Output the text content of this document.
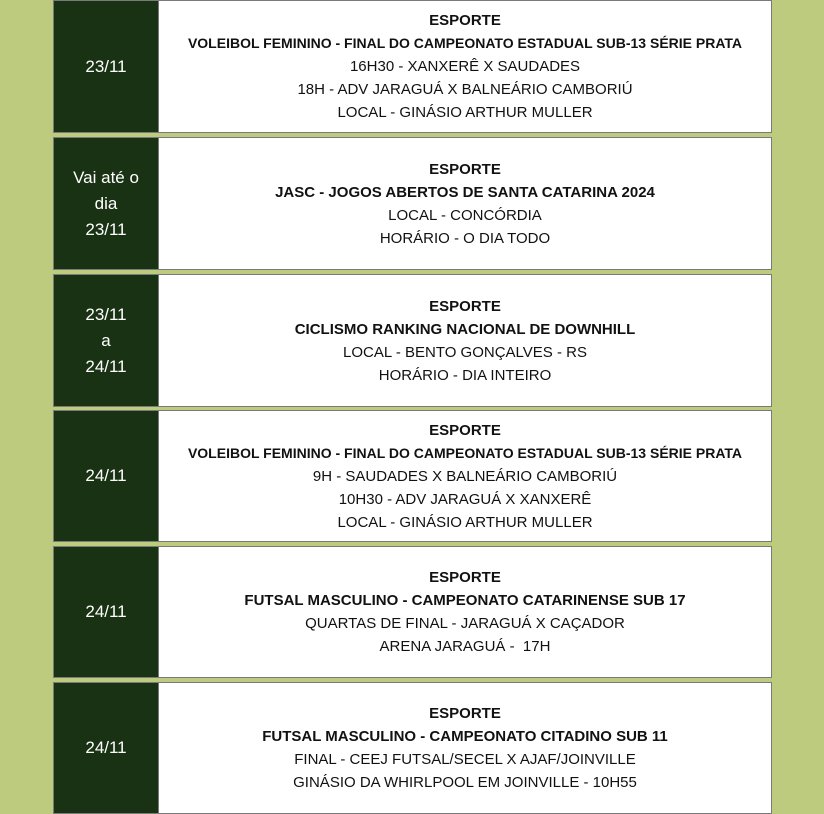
23/11
ESPORTE
VOLEIBOL FEMININO - FINAL DO CAMPEONATO ESTADUAL SUB-13 SÉRIE PRATA
16H30 - XANXERÊ X SAUDADES
18H - ADV JARAGUÁ X BALNEÁRIO CAMBORIÚ
LOCAL - GINÁSIO ARTHUR MULLER
Vai até o
dia
23/11
ESPORTE
JASC - JOGOS ABERTOS DE SANTA CATARINA 2024
LOCAL - CONCÓRDIA
HORÁRIO - O DIA TODO
23/11
a
24/11
ESPORTE
CICLISMO RANKING NACIONAL DE DOWNHILL
LOCAL - BENTO GONÇALVES - RS
HORÁRIO - DIA INTEIRO
24/11
ESPORTE
VOLEIBOL FEMININO - FINAL DO CAMPEONATO ESTADUAL SUB-13 SÉRIE PRATA
9H - SAUDADES X BALNEÁRIO CAMBORIÚ
10H30 - ADV JARAGUÁ X XANXERÊ
LOCAL - GINÁSIO ARTHUR MULLER
24/11
ESPORTE
FUTSAL MASCULINO - CAMPEONATO CATARINENSE SUB 17
QUARTAS DE FINAL - JARAGUÁ X CAÇADOR
ARENA JARAGUÁ -  17H
24/11
ESPORTE
FUTSAL MASCULINO - CAMPEONATO CITADINO SUB 11
FINAL - CEEJ FUTSAL/SECEL X AJAF/JOINVILLE
GINÁSIO DA WHIRLPOOL EM JOINVILLE - 10H55
